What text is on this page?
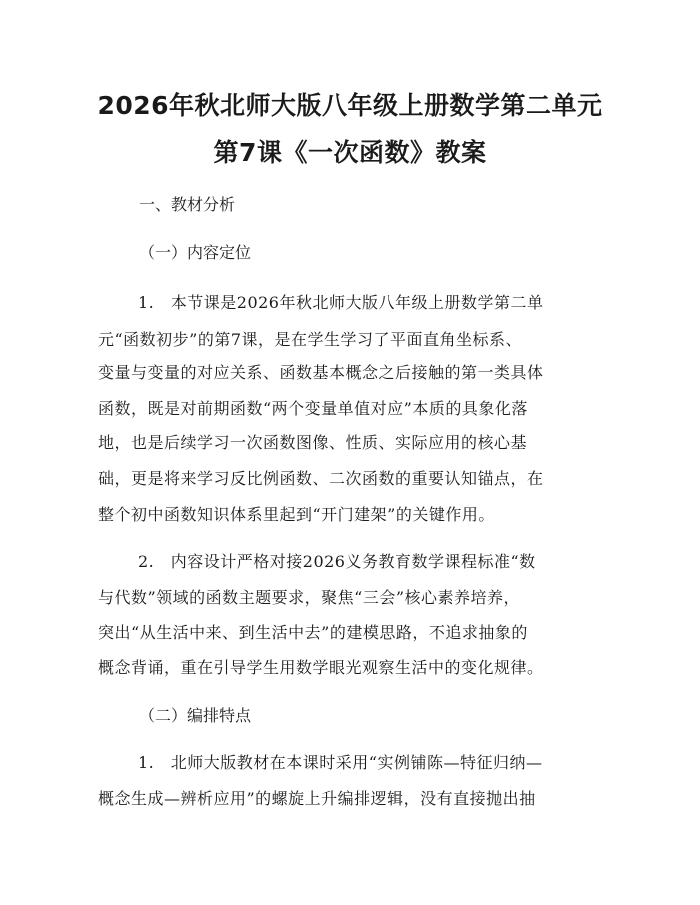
2026年秋北师大版八年级上册数学第二单元
第7课《一次函数》教案
一、教材分析
（一）内容定位
1.　本节课是2026年秋北师大版八年级上册数学第二单
元“函数初步”的第7课，是在学生学习了平面直角坐标系、
变量与变量的对应关系、函数基本概念之后接触的第一类具体
函数，既是对前期函数“两个变量单值对应”本质的具象化落
地，也是后续学习一次函数图像、性质、实际应用的核心基
础，更是将来学习反比例函数、二次函数的重要认知锚点，在
整个初中函数知识体系里起到“开门建架”的关键作用。
2.　内容设计严格对接2026义务教育数学课程标准“数
与代数”领域的函数主题要求，聚焦“三会”核心素养培养，
突出“从生活中来、到生活中去”的建模思路，不追求抽象的
概念背诵，重在引导学生用数学眼光观察生活中的变化规律。
（二）编排特点
1.　北师大版教材在本课时采用“实例铺陈—特征归纳—
概念生成—辨析应用”的螺旋上升编排逻辑，没有直接抛出抽
